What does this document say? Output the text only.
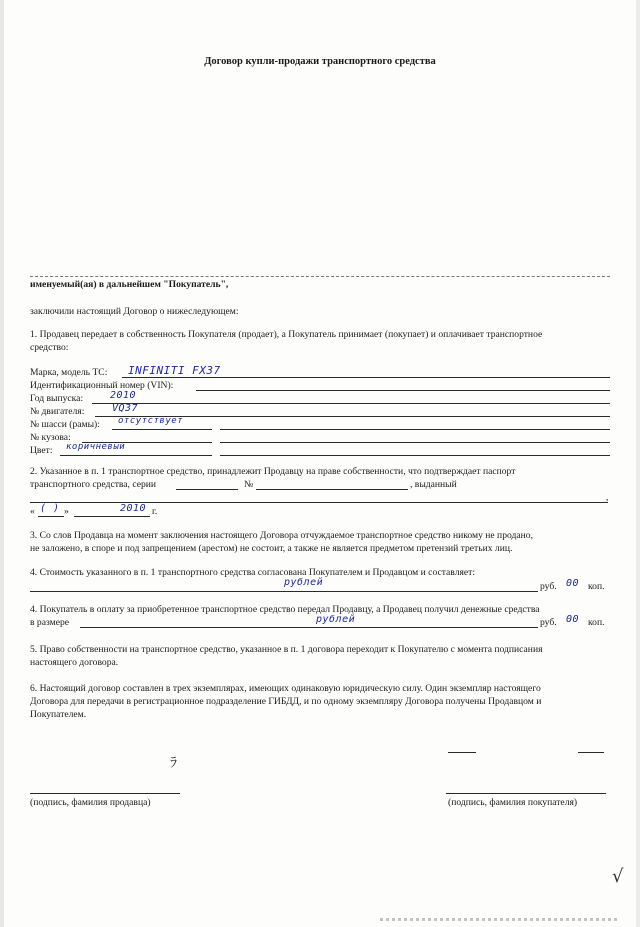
Договор купли-продажи транспортного средства
именуемый(ая) в дальнейшем "Покупатель",
заключили настоящий Договор о нижеследующем:
1. Продавец передает в собственность Покупателя (продает), а Покупатель принимает (покупает) и оплачивает транспортное
средство:
Марка, модель ТС: INFINITI FX37
Идентификационный номер (VIN):
Год выпуска:	2010
№ двигателя:	VQ37
№ шасси (рамы): отсутствует
№ кузова:
Цвет: коричневый
2. Указанное в п. 1 транспортное средство, принадлежит Продавцу на праве собственности, что подтверждает паспорт
транспортного средства, серии	№	, выданный
,
« ( ) »	2010 г.
3. Со слов Продавца на момент заключения настоящего Договора отчуждаемое транспортное средство никому не продано,
не заложено, в споре и под запрещением (арестом) не состоит, а также не является предметом претензий третьих лиц.
4. Стоимость указанного в п. 1 транспортного средства согласована Покупателем и Продавцом и составляет:
рублей	руб. 00 коп.
4. Покупатель в оплату за приобретенное транспортное средство передал Продавцу, а Продавец получил денежные средства
в размере	рублей	руб. 00 коп.
5. Право собственности на транспортное средство, указанное в п. 1 договора переходит к Покупателю с момента подписания
настоящего договора.
6. Настоящий договор составлен в трех экземплярах, имеющих одинаковую юридическую силу. Один экземпляр настоящего
Договора для передачи в регистрационное подразделение ГИБДД, и по одному экземпляру Договора получены Продавцом и
Покупателем.
ﾗ
(подпись, фамилия продавца)	(подпись, фамилия покупателя)
√
